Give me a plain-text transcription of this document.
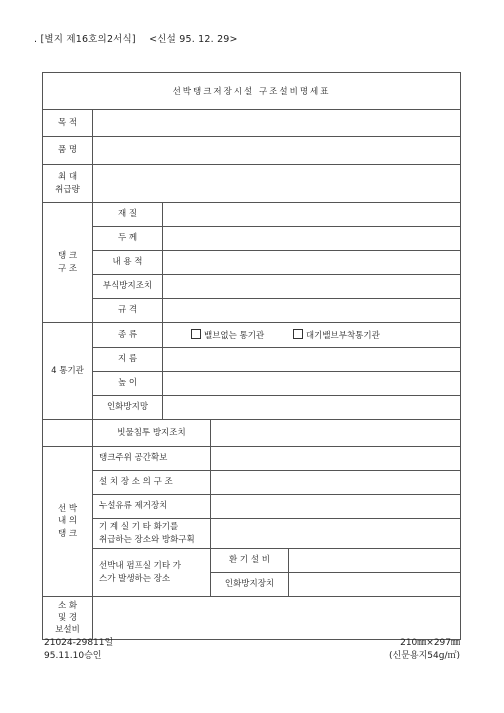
. [별지 제16호의2서식] <신설 95. 12. 29>
선박탱크저장시설 구조설비명세표				
목 적				
품 명				

최 대
취급량				

탱 크
구 조	재 질			
	두 께			
	내 용 적			
	부식방지조치			
	규 격			
4 통기관	종 류	밸브없는 통기관 대기밸브부착통기관		
	지 름			
	높 이			
	인화방지망			
	빗물침투 방지조치			

선 박
내 의
탱 크	탱크주위 공간확보			
	설 치 장 소 의 구 조			
	누설유류 제거장치			

	기 계 실 기 타 화기를
취급하는 장소와 방화구획			

	선박내 펌프실 기타 가
스가 발생하는 장소		환 기 설 비	
			인화방지장치	

소 화
및 경
보설비				

21024-29811일
95.11.10승인
210㎜×297㎜
(신문용지54g/㎡)
